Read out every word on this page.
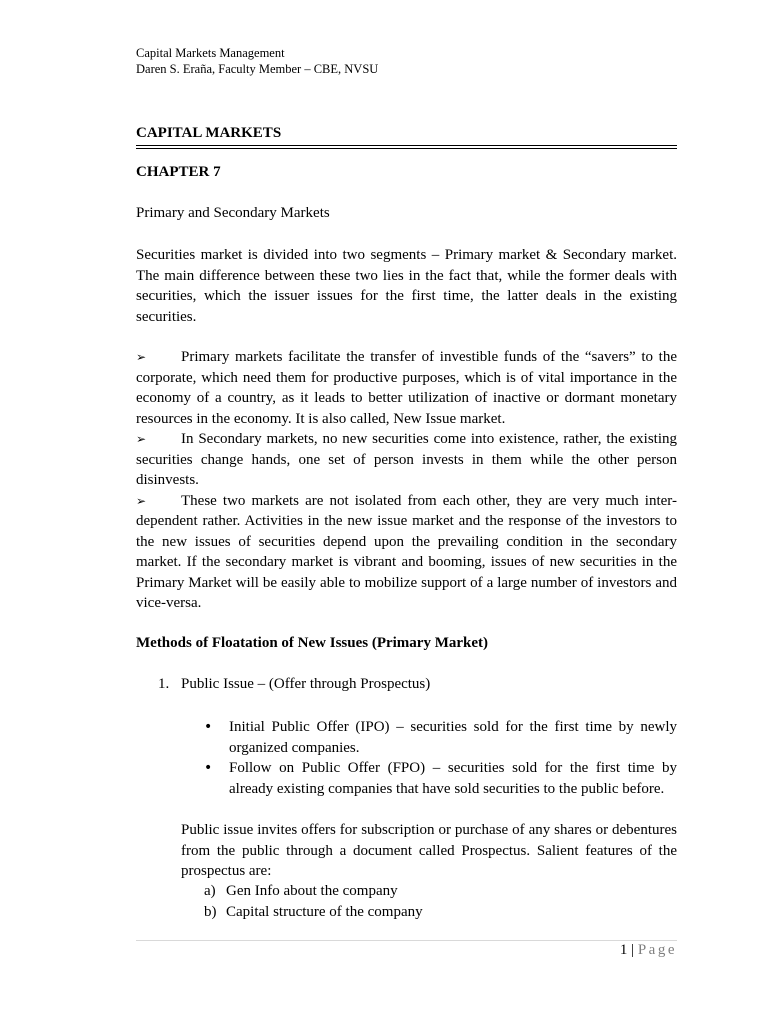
Capital Markets Management
Daren S. Eraña, Faculty Member – CBE, NVSU
CAPITAL MARKETS
CHAPTER 7
Primary and Secondary Markets

Securities market is divided into two segments – Primary market & Secondary market. The main difference between these two lies in the fact that, while the former deals with securities, which the issuer issues for the first time, the latter deals in the existing securities.

➢ Primary markets facilitate the transfer of investible funds of the “savers” to the corporate, which need them for productive purposes, which is of vital importance in the economy of a country, as it leads to better utilization of inactive or dormant monetary resources in the economy. It is also called, New Issue market.

➢ In Secondary markets, no new securities come into existence, rather, the existing securities change hands, one set of person invests in them while the other person disinvests.

➢ These two markets are not isolated from each other, they are very much inter-dependent rather. Activities in the new issue market and the response of the investors to the new issues of securities depend upon the prevailing condition in the secondary market. If the secondary market is vibrant and booming, issues of new securities in the Primary Market will be easily able to mobilize support of a large number of investors and vice-versa.

Methods of Floatation of New Issues (Primary Market)
1. Public Issue – (Offer through Prospectus)
• Initial Public Offer (IPO) – securities sold for the first time by newly organized companies.
• Follow on Public Offer (FPO) – securities sold for the first time by already existing companies that have sold securities to the public before.

Public issue invites offers for subscription or purchase of any shares or debentures from the public through a document called Prospectus. Salient features of the prospectus are:

a) Gen Info about the company
b) Capital structure of the company
1 | Page
